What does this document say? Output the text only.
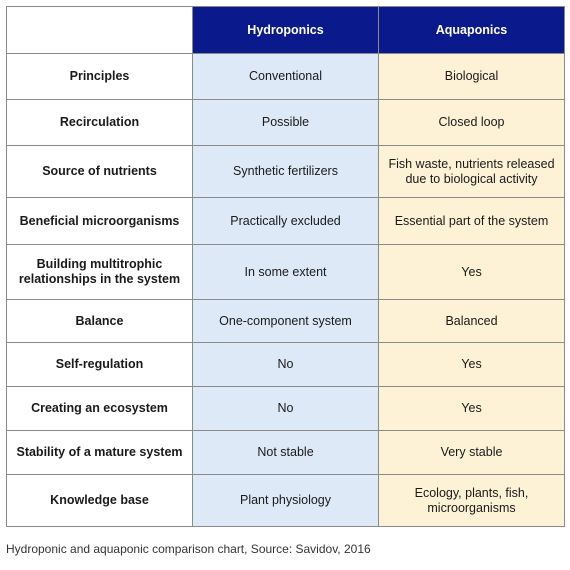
	Hydroponics	Aquaponics
Principles	Conventional	Biological
Recirculation	Possible	Closed loop
Source of nutrients	Synthetic fertilizers	Fish waste, nutrients released due to biological activity
Beneficial microorganisms	Practically excluded	Essential part of the system
Building multitrophic relationships in the system	In some extent	Yes
Balance	One-component system	Balanced
Self-regulation	No	Yes
Creating an ecosystem	No	Yes
Stability of a mature system	Not stable	Very stable
Knowledge base	Plant physiology	Ecology, plants, fish, microorganisms
Hydroponic and aquaponic comparison chart, Source: Savidov, 2016
